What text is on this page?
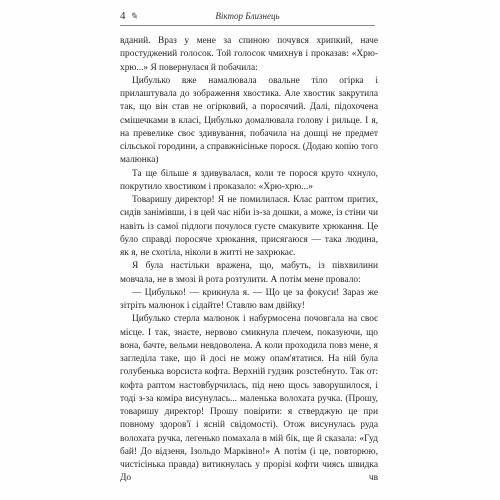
4 ✎	Віктор Близнець

вданий. Враз у мене за спиною почувся хрипкий, наче простуджений голосок. Той голосок чмихнув і проказав: «Хрю-хрю...» Я повернулася й побачила:

Цибулько вже намалювала овальне тіло огірка і прилаштувала до зображення хвостика. Але хвостик закрутила так, що він став не огірковий, а поросячий. Далі, підохочена смішечками в класі, Цибулько домалювала голову і рильце. І я, на превелике своє здивування, побачила на дошці не предмет сільської городини, а справжнісіньке порося. (Додаю копію того малюнка)

Та ще більше я здивувалася, коли те порося круто чхнуло, покрутило хвостиком і проказало: «Хрю-хрю...»

Товаришу директор! Я не помилилася. Клас раптом притих, сидів занімівши, і в цей час ніби із-за дошки, а може, із стіни чи навіть із самої підлоги почулося густе смакувите хрюкання. Це було справді поросяче хрюкання, присягаюся — така людина, як я, не схотіла, ніколи в житті не захрюкає.

Я була настільки вражена, що, мабуть, із півхвилини мовчала, не в змозі й рота розтулити. А потім мене провало:

— Цибулько! — крикнула я. — Що це за фокуси! Зараз же зітріть малюнок і сідайте! Ставлю вам двійку!

Цибулько стерла малюнок і набурмосена почовгала на своє місце. І так, знаєте, нервово смикнула плечем, показуючи, що вона, бачте, вельми невдоволена. А коли проходила повз мене, я загледіла таке, що й досі не можу опам'ятатися. На ній була голубенька ворсиста кофта. Верхній гудзик розстебнуто. Так от: кофта раптом настовбурчилась, під нею щось заворушилося, і тоді з-за коміра висунулась... маленька волохата ручка. (Прошу, товаришу директор! Прошу повірити: я стверджую це при повному здоров'ї і ясній свідомості). Отож висунулась руда волохата ручка, легенько помахала в мій бік, ще й сказала: «Гуд бай! До відзеня, Ізольдо Марківно!» А потім (і це, повторюю, чистісінька правда) витикнулась у прорізі кофти чиясь швидка До чв
